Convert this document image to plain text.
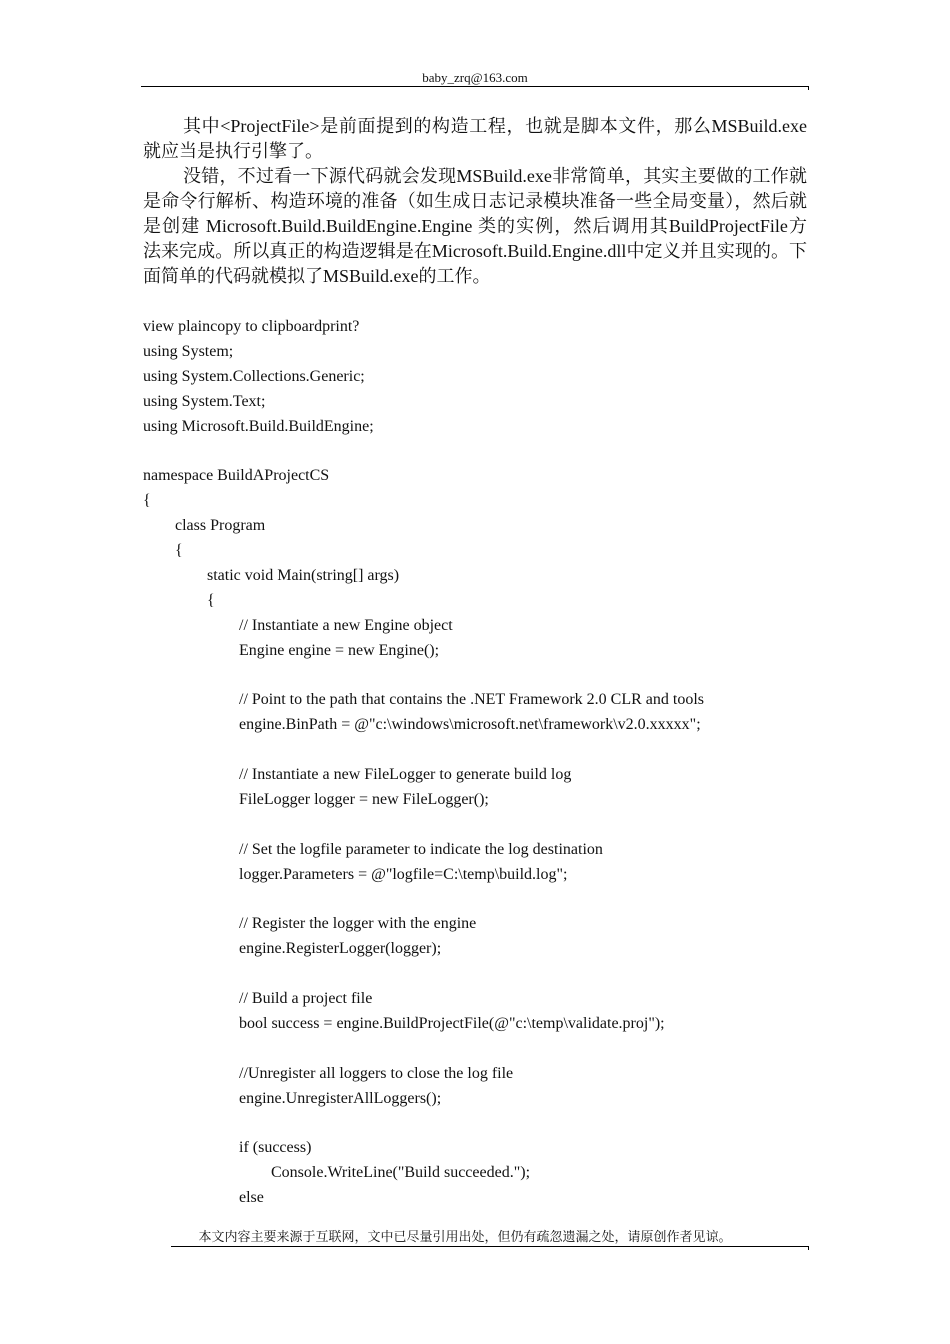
baby_zrq@163.com

其中<ProjectFile>是前面提到的构造工程，也就是脚本文件，那么MSBuild.exe就应当是执行引擎了。

没错，不过看一下源代码就会发现MSBuild.exe非常简单，其实主要做的工作就是命令行解析、构造环境的准备（如生成日志记录模块准备一些全局变量），然后就是创建 Microsoft.Build.BuildEngine.Engine 类的实例，然后调用其BuildProjectFile方法来完成。所以真正的构造逻辑是在Microsoft.Build.Engine.dll中定义并且实现的。下面简单的代码就模拟了MSBuild.exe的工作。

view plaincopy to clipboardprint?
using System;
using System.Collections.Generic;
using System.Text;
using Microsoft.Build.BuildEngine;
namespace BuildAProjectCS
{
class Program
{
static void Main(string[] args)
{
// Instantiate a new Engine object
Engine engine = new Engine();
// Point to the path that contains the .NET Framework 2.0 CLR and tools
engine.BinPath = @"c:\windows\microsoft.net\framework\v2.0.xxxxx";
// Instantiate a new FileLogger to generate build log
FileLogger logger = new FileLogger();
// Set the logfile parameter to indicate the log destination
logger.Parameters = @"logfile=C:\temp\build.log";
// Register the logger with the engine
engine.RegisterLogger(logger);
// Build a project file
bool success = engine.BuildProjectFile(@"c:\temp\validate.proj");
//Unregister all loggers to close the log file
engine.UnregisterAllLoggers();
if (success)
Console.WriteLine("Build succeeded.");
else
本文内容主要来源于互联网，文中已尽量引用出处，但仍有疏忽遗漏之处，请原创作者见谅。
